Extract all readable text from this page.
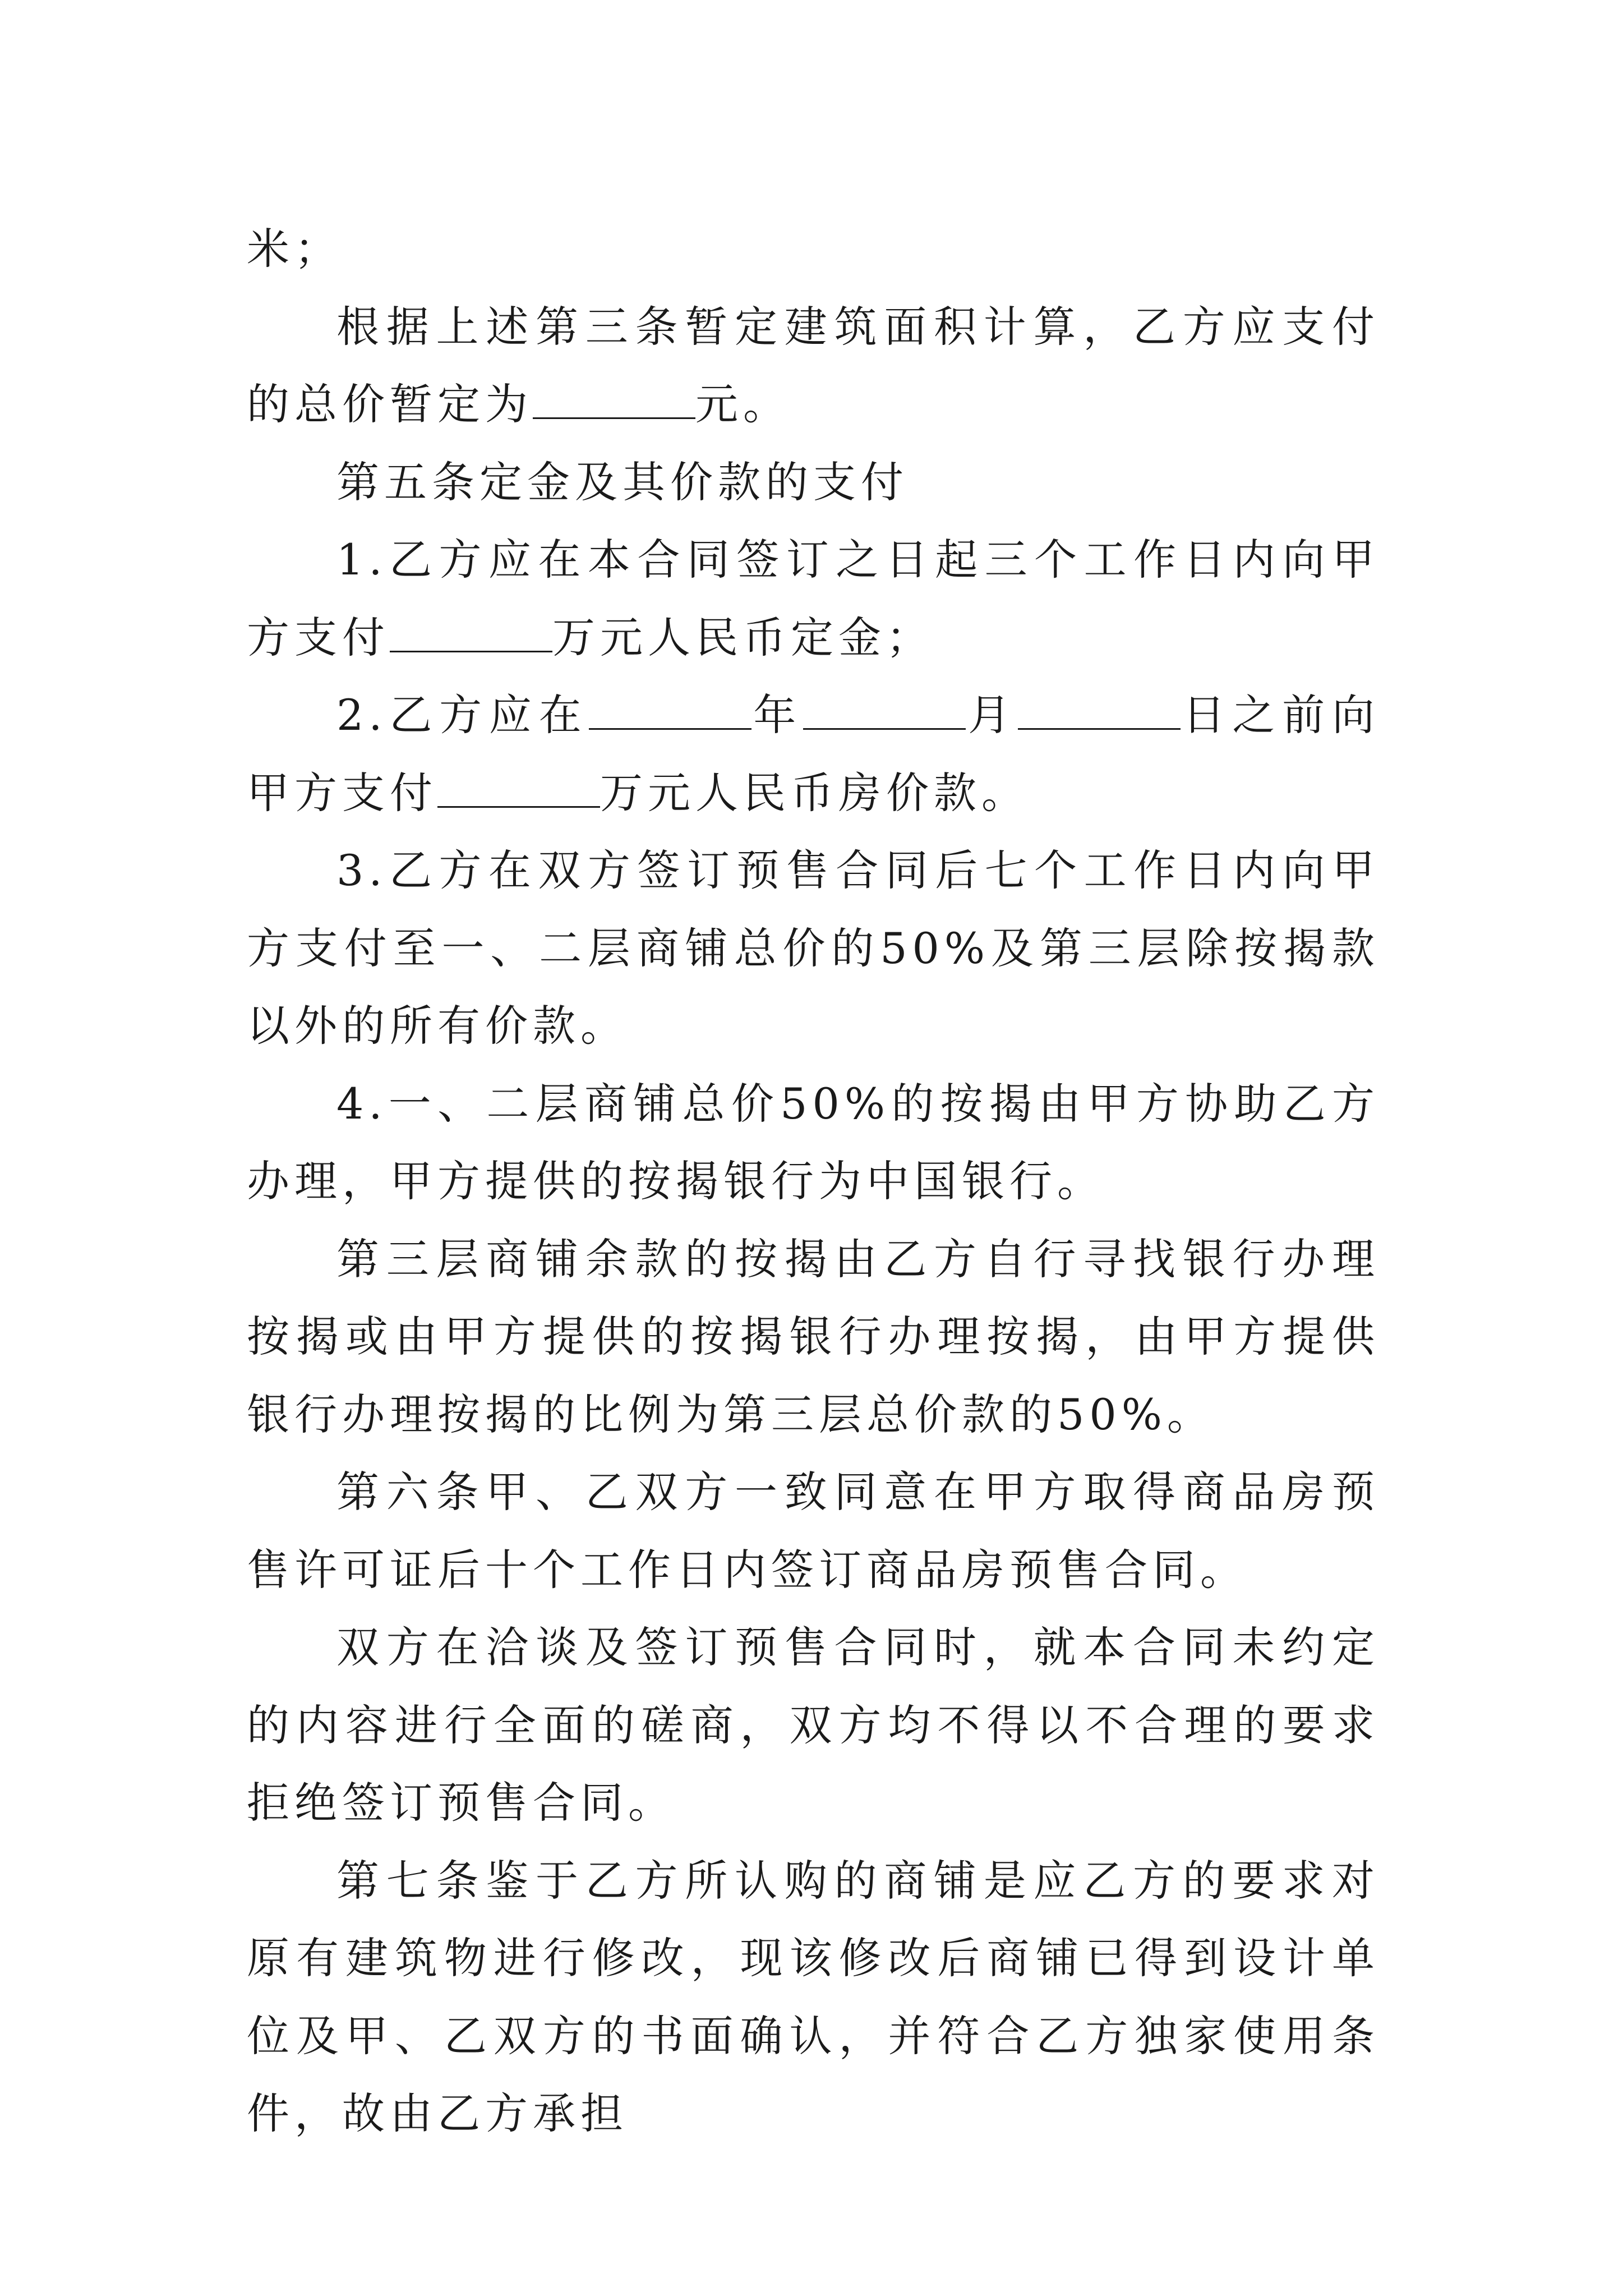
米；

根据上述第三条暂定建筑面积计算，乙方应支付的总价暂定为	元。

第五条定金及其价款的支付

1.乙方应在本合同签订之日起三个工作日内向甲方支付	万元人民币定金；

2.乙方应在	年	月	日之前向甲方支付	万元人民币房价款。

3.乙方在双方签订预售合同后七个工作日内向甲方支付至一、二层商铺总价的50%及第三层除按揭款以外的所有价款。

4.一、二层商铺总价50%的按揭由甲方协助乙方办理，甲方提供的按揭银行为中国银行。

第三层商铺余款的按揭由乙方自行寻找银行办理按揭或由甲方提供的按揭银行办理按揭，由甲方提供银行办理按揭的比例为第三层总价款的50%。

第六条甲、乙双方一致同意在甲方取得商品房预售许可证后十个工作日内签订商品房预售合同。

双方在洽谈及签订预售合同时，就本合同未约定的内容进行全面的磋商，双方均不得以不合理的要求拒绝签订预售合同。

第七条鉴于乙方所认购的商铺是应乙方的要求对原有建筑物进行修改，现该修改后商铺已得到设计单位及甲、乙双方的书面确认，并符合乙方独家使用条件，故由乙方承担
